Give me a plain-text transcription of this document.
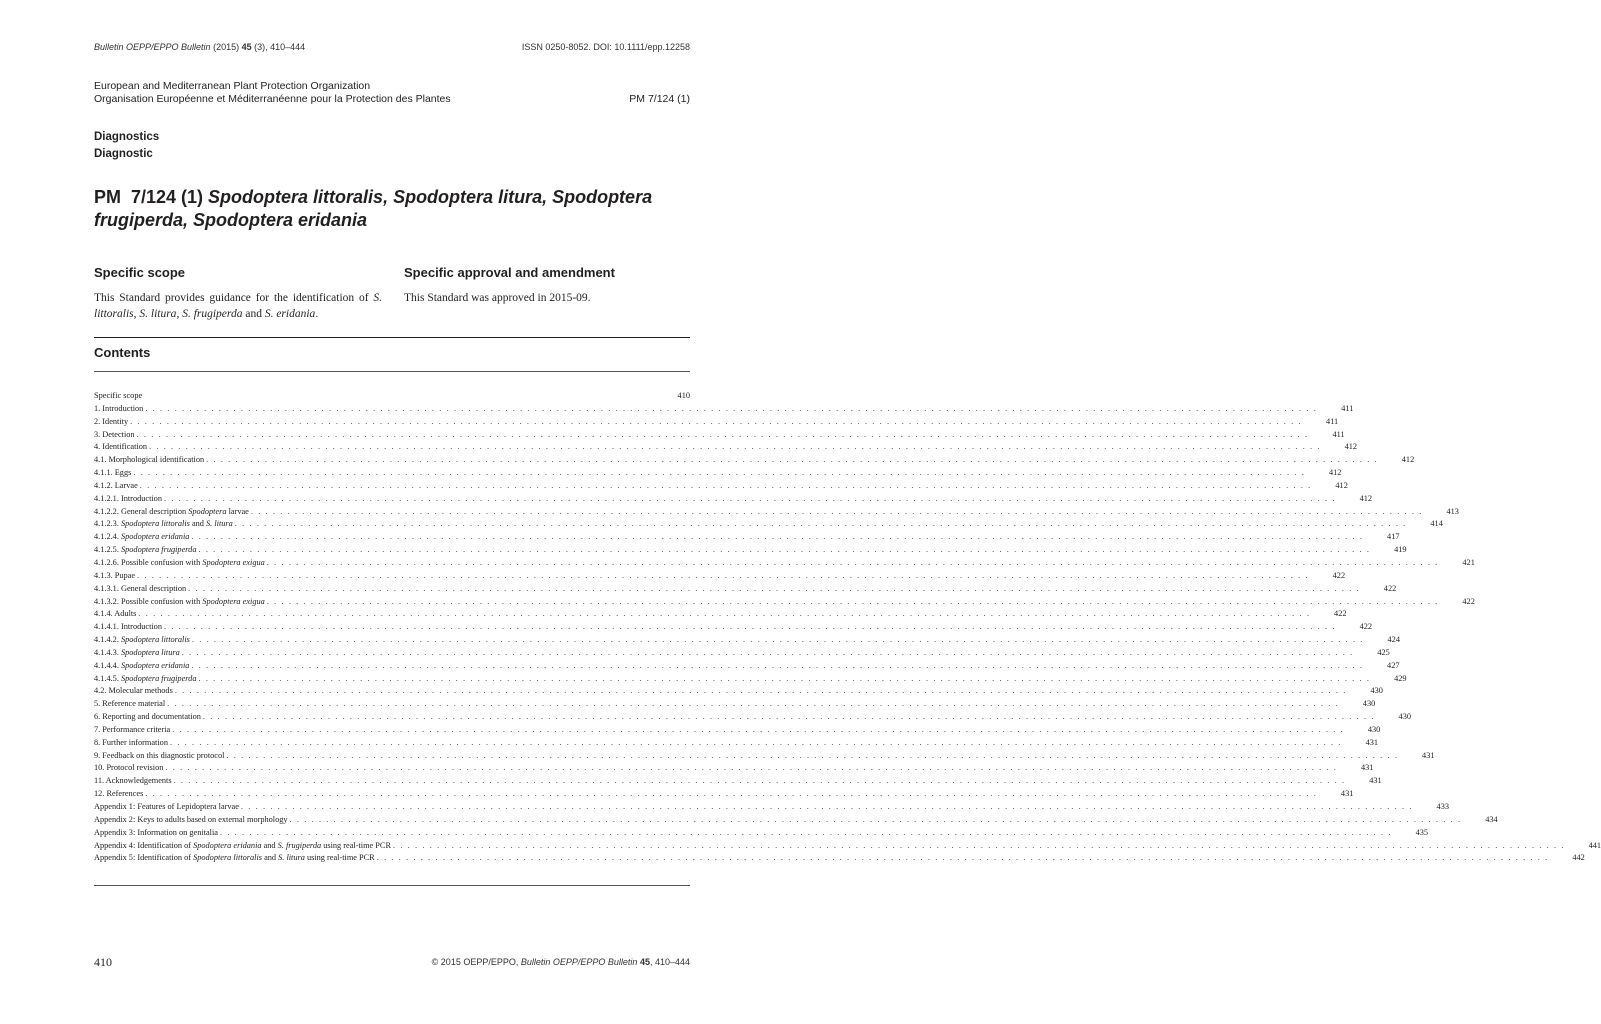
Bulletin OEPP/EPPO Bulletin (2015) 45 (3), 410–444	ISSN 0250-8052. DOI: 10.1111/epp.12258
European and Mediterranean Plant Protection Organization
Organisation Européenne et Méditerranéenne pour la Protection des Plantes	PM 7/124 (1)
Diagnostics
Diagnostic
PM  7/124 (1) Spodoptera littoralis, Spodoptera litura, Spodoptera frugiperda, Spodoptera eridania
Specific scope	Specific approval and amendment
This Standard provides guidance for the identification of S. littoralis, S. litura, S. frugiperda and S. eridania.
This Standard was approved in 2015-09.
Contents
Specific scope	410
1. Introduction . . . . . . . . . . . . . . . . . . . . . . . . . . . . . . . . . . . . . . . . . . . . . . . . . . . . . . . . . . . . . . . . . . . . . . . . . . . . . . . . . . . . . . . . . . . . . . . . . . . . . . . . . . . . . . . . . . . . . . . . . . . . . . . . . . . . . . . . . . . . . . . . . . . . . . . . . . . . . . . .	411
2. Identity . . . . . . . . . . . . . . . . . . . . . . . . . . . . . . . . . . . . . . . . . . . . . . . . . . . . . . . . . . . . . . . . . . . . . . . . . . . . . . . . . . . . . . . . . . . . . . . . . . . . . . . . . . . . . . . . . . . . . . . . . . . . . . . . . . . . . . . . . . . . . . . . . . . . . . . . . . . . . . . .	411
3. Detection . . . . . . . . . . . . . . . . . . . . . . . . . . . . . . . . . . . . . . . . . . . . . . . . . . . . . . . . . . . . . . . . . . . . . . . . . . . . . . . . . . . . . . . . . . . . . . . . . . . . . . . . . . . . . . . . . . . . . . . . . . . . . . . . . . . . . . . . . . . . . . . . . . . . . . . . . . . . . . . .	411
4. Identification . . . . . . . . . . . . . . . . . . . . . . . . . . . . . . . . . . . . . . . . . . . . . . . . . . . . . . . . . . . . . . . . . . . . . . . . . . . . . . . . . . . . . . . . . . . . . . . . . . . . . . . . . . . . . . . . . . . . . . . . . . . . . . . . . . . . . . . . . . . . . . . . . . . . . . . . . . . . . . . .	412
4.1. Morphological identification . . . . . . . . . . . . . . . . . . . . . . . . . . . . . . . . . . . . . . . . . . . . . . . . . . . . . . . . . . . . . . . . . . . . . . . . . . . . . . . . . . . . . . . . . . . . . . . . . . . . . . . . . . . . . . . . . . . . . . . . . . . . . . . . . . . . . . . . . . . . . . . . . . . . . . . . . . . . . . . .	412
4.1.1. Eggs . . . . . . . . . . . . . . . . . . . . . . . . . . . . . . . . . . . . . . . . . . . . . . . . . . . . . . . . . . . . . . . . . . . . . . . . . . . . . . . . . . . . . . . . . . . . . . . . . . . . . . . . . . . . . . . . . . . . . . . . . . . . . . . . . . . . . . . . . . . . . . . . . . . . . . . . . . . . . . . .	412
4.1.2. Larvae . . . . . . . . . . . . . . . . . . . . . . . . . . . . . . . . . . . . . . . . . . . . . . . . . . . . . . . . . . . . . . . . . . . . . . . . . . . . . . . . . . . . . . . . . . . . . . . . . . . . . . . . . . . . . . . . . . . . . . . . . . . . . . . . . . . . . . . . . . . . . . . . . . . . . . . . . . . . . . . .	412
4.1.2.1. Introduction . . . . . . . . . . . . . . . . . . . . . . . . . . . . . . . . . . . . . . . . . . . . . . . . . . . . . . . . . . . . . . . . . . . . . . . . . . . . . . . . . . . . . . . . . . . . . . . . . . . . . . . . . . . . . . . . . . . . . . . . . . . . . . . . . . . . . . . . . . . . . . . . . . . . . . . . . . . . . . . .	412
4.1.2.2. General description Spodoptera larvae . . . . . . . . . . . . . . . . . . . . . . . . . . . . . . . . . . . . . . . . . . . . . . . . . . . . . . . . . . . . . . . . . . . . . . . . . . . . . . . . . . . . . . . . . . . . . . . . . . . . . . . . . . . . . . . . . . . . . . . . . . . . . . . . . . . . . . . . . . . . . . . . . . . . . . . . . . . . . . . .	413
4.1.2.3. Spodoptera littoralis and S. litura . . . . . . . . . . . . . . . . . . . . . . . . . . . . . . . . . . . . . . . . . . . . . . . . . . . . . . . . . . . . . . . . . . . . . . . . . . . . . . . . . . . . . . . . . . . . . . . . . . . . . . . . . . . . . . . . . . . . . . . . . . . . . . . . . . . . . . . . . . . . . . . . . . . . . . . . . . . . . . . .	414
4.1.2.4. Spodoptera eridania . . . . . . . . . . . . . . . . . . . . . . . . . . . . . . . . . . . . . . . . . . . . . . . . . . . . . . . . . . . . . . . . . . . . . . . . . . . . . . . . . . . . . . . . . . . . . . . . . . . . . . . . . . . . . . . . . . . . . . . . . . . . . . . . . . . . . . . . . . . . . . . . . . . . . . . . . . . . . . . .	417
4.1.2.5. Spodoptera frugiperda . . . . . . . . . . . . . . . . . . . . . . . . . . . . . . . . . . . . . . . . . . . . . . . . . . . . . . . . . . . . . . . . . . . . . . . . . . . . . . . . . . . . . . . . . . . . . . . . . . . . . . . . . . . . . . . . . . . . . . . . . . . . . . . . . . . . . . . . . . . . . . . . . . . . . . . . . . . . . . . .	419
4.1.2.6. Possible confusion with Spodoptera exigua . . . . . . . . . . . . . . . . . . . . . . . . . . . . . . . . . . . . . . . . . . . . . . . . . . . . . . . . . . . . . . . . . . . . . . . . . . . . . . . . . . . . . . . . . . . . . . . . . . . . . . . . . . . . . . . . . . . . . . . . . . . . . . . . . . . . . . . . . . . . . . . . . . . . . . . . . . . . . . . .	421
4.1.3. Pupae . . . . . . . . . . . . . . . . . . . . . . . . . . . . . . . . . . . . . . . . . . . . . . . . . . . . . . . . . . . . . . . . . . . . . . . . . . . . . . . . . . . . . . . . . . . . . . . . . . . . . . . . . . . . . . . . . . . . . . . . . . . . . . . . . . . . . . . . . . . . . . . . . . . . . . . . . . . . . . . .	422
4.1.3.1. General description . . . . . . . . . . . . . . . . . . . . . . . . . . . . . . . . . . . . . . . . . . . . . . . . . . . . . . . . . . . . . . . . . . . . . . . . . . . . . . . . . . . . . . . . . . . . . . . . . . . . . . . . . . . . . . . . . . . . . . . . . . . . . . . . . . . . . . . . . . . . . . . . . . . . . . . . . . . . . . . .	422
4.1.3.2. Possible confusion with Spodoptera exigua . . . . . . . . . . . . . . . . . . . . . . . . . . . . . . . . . . . . . . . . . . . . . . . . . . . . . . . . . . . . . . . . . . . . . . . . . . . . . . . . . . . . . . . . . . . . . . . . . . . . . . . . . . . . . . . . . . . . . . . . . . . . . . . . . . . . . . . . . . . . . . . . . . . . . . . . . . . . . . . .	422
4.1.4. Adults . . . . . . . . . . . . . . . . . . . . . . . . . . . . . . . . . . . . . . . . . . . . . . . . . . . . . . . . . . . . . . . . . . . . . . . . . . . . . . . . . . . . . . . . . . . . . . . . . . . . . . . . . . . . . . . . . . . . . . . . . . . . . . . . . . . . . . . . . . . . . . . . . . . . . . . . . . . . . . . .	422
4.1.4.1. Introduction . . . . . . . . . . . . . . . . . . . . . . . . . . . . . . . . . . . . . . . . . . . . . . . . . . . . . . . . . . . . . . . . . . . . . . . . . . . . . . . . . . . . . . . . . . . . . . . . . . . . . . . . . . . . . . . . . . . . . . . . . . . . . . . . . . . . . . . . . . . . . . . . . . . . . . . . . . . . . . . .	422
4.1.4.2. Spodoptera littoralis . . . . . . . . . . . . . . . . . . . . . . . . . . . . . . . . . . . . . . . . . . . . . . . . . . . . . . . . . . . . . . . . . . . . . . . . . . . . . . . . . . . . . . . . . . . . . . . . . . . . . . . . . . . . . . . . . . . . . . . . . . . . . . . . . . . . . . . . . . . . . . . . . . . . . . . . . . . . . . . .	424
4.1.4.3. Spodoptera litura . . . . . . . . . . . . . . . . . . . . . . . . . . . . . . . . . . . . . . . . . . . . . . . . . . . . . . . . . . . . . . . . . . . . . . . . . . . . . . . . . . . . . . . . . . . . . . . . . . . . . . . . . . . . . . . . . . . . . . . . . . . . . . . . . . . . . . . . . . . . . . . . . . . . . . . . . . . . . . . .	425
4.1.4.4. Spodoptera eridania . . . . . . . . . . . . . . . . . . . . . . . . . . . . . . . . . . . . . . . . . . . . . . . . . . . . . . . . . . . . . . . . . . . . . . . . . . . . . . . . . . . . . . . . . . . . . . . . . . . . . . . . . . . . . . . . . . . . . . . . . . . . . . . . . . . . . . . . . . . . . . . . . . . . . . . . . . . . . . . .	427
4.1.4.5. Spodoptera frugiperda . . . . . . . . . . . . . . . . . . . . . . . . . . . . . . . . . . . . . . . . . . . . . . . . . . . . . . . . . . . . . . . . . . . . . . . . . . . . . . . . . . . . . . . . . . . . . . . . . . . . . . . . . . . . . . . . . . . . . . . . . . . . . . . . . . . . . . . . . . . . . . . . . . . . . . . . . . . . . . . .	429
4.2. Molecular methods . . . . . . . . . . . . . . . . . . . . . . . . . . . . . . . . . . . . . . . . . . . . . . . . . . . . . . . . . . . . . . . . . . . . . . . . . . . . . . . . . . . . . . . . . . . . . . . . . . . . . . . . . . . . . . . . . . . . . . . . . . . . . . . . . . . . . . . . . . . . . . . . . . . . . . . . . . . . . . . .	430
5. Reference material . . . . . . . . . . . . . . . . . . . . . . . . . . . . . . . . . . . . . . . . . . . . . . . . . . . . . . . . . . . . . . . . . . . . . . . . . . . . . . . . . . . . . . . . . . . . . . . . . . . . . . . . . . . . . . . . . . . . . . . . . . . . . . . . . . . . . . . . . . . . . . . . . . . . . . . . . . . . . . . .	430
6. Reporting and documentation . . . . . . . . . . . . . . . . . . . . . . . . . . . . . . . . . . . . . . . . . . . . . . . . . . . . . . . . . . . . . . . . . . . . . . . . . . . . . . . . . . . . . . . . . . . . . . . . . . . . . . . . . . . . . . . . . . . . . . . . . . . . . . . . . . . . . . . . . . . . . . . . . . . . . . . . . . . . . . . .	430
7. Performance criteria . . . . . . . . . . . . . . . . . . . . . . . . . . . . . . . . . . . . . . . . . . . . . . . . . . . . . . . . . . . . . . . . . . . . . . . . . . . . . . . . . . . . . . . . . . . . . . . . . . . . . . . . . . . . . . . . . . . . . . . . . . . . . . . . . . . . . . . . . . . . . . . . . . . . . . . . . . . . . . . .	430
8. Further information . . . . . . . . . . . . . . . . . . . . . . . . . . . . . . . . . . . . . . . . . . . . . . . . . . . . . . . . . . . . . . . . . . . . . . . . . . . . . . . . . . . . . . . . . . . . . . . . . . . . . . . . . . . . . . . . . . . . . . . . . . . . . . . . . . . . . . . . . . . . . . . . . . . . . . . . . . . . . . . .	431
9. Feedback on this diagnostic protocol . . . . . . . . . . . . . . . . . . . . . . . . . . . . . . . . . . . . . . . . . . . . . . . . . . . . . . . . . . . . . . . . . . . . . . . . . . . . . . . . . . . . . . . . . . . . . . . . . . . . . . . . . . . . . . . . . . . . . . . . . . . . . . . . . . . . . . . . . . . . . . . . . . . . . . . . . . . . . . . .	431
10. Protocol revision . . . . . . . . . . . . . . . . . . . . . . . . . . . . . . . . . . . . . . . . . . . . . . . . . . . . . . . . . . . . . . . . . . . . . . . . . . . . . . . . . . . . . . . . . . . . . . . . . . . . . . . . . . . . . . . . . . . . . . . . . . . . . . . . . . . . . . . . . . . . . . . . . . . . . . . . . . . . . . . .	431
11. Acknowledgements . . . . . . . . . . . . . . . . . . . . . . . . . . . . . . . . . . . . . . . . . . . . . . . . . . . . . . . . . . . . . . . . . . . . . . . . . . . . . . . . . . . . . . . . . . . . . . . . . . . . . . . . . . . . . . . . . . . . . . . . . . . . . . . . . . . . . . . . . . . . . . . . . . . . . . . . . . . . . . . .	431
12. References . . . . . . . . . . . . . . . . . . . . . . . . . . . . . . . . . . . . . . . . . . . . . . . . . . . . . . . . . . . . . . . . . . . . . . . . . . . . . . . . . . . . . . . . . . . . . . . . . . . . . . . . . . . . . . . . . . . . . . . . . . . . . . . . . . . . . . . . . . . . . . . . . . . . . . . . . . . . . . . .	431
Appendix 1: Features of Lepidoptera larvae . . . . . . . . . . . . . . . . . . . . . . . . . . . . . . . . . . . . . . . . . . . . . . . . . . . . . . . . . . . . . . . . . . . . . . . . . . . . . . . . . . . . . . . . . . . . . . . . . . . . . . . . . . . . . . . . . . . . . . . . . . . . . . . . . . . . . . . . . . . . . . . . . . . . . . . . . . . . . . . .	433
Appendix 2: Keys to adults based on external morphology . . . . . . . . . . . . . . . . . . . . . . . . . . . . . . . . . . . . . . . . . . . . . . . . . . . . . . . . . . . . . . . . . . . . . . . . . . . . . . . . . . . . . . . . . . . . . . . . . . . . . . . . . . . . . . . . . . . . . . . . . . . . . . . . . . . . . . . . . . . . . . . . . . . . . . . . . . . . . . . .	434
Appendix 3: Information on genitalia . . . . . . . . . . . . . . . . . . . . . . . . . . . . . . . . . . . . . . . . . . . . . . . . . . . . . . . . . . . . . . . . . . . . . . . . . . . . . . . . . . . . . . . . . . . . . . . . . . . . . . . . . . . . . . . . . . . . . . . . . . . . . . . . . . . . . . . . . . . . . . . . . . . . . . . . . . . . . . . .	435
Appendix 4: Identification of Spodoptera eridania and S. frugiperda using real-time PCR . . . . . . . . . . . . . . . . . . . . . . . . . . . . . . . . . . . . . . . . . . . . . . . . . . . . . . . . . . . . . . . . . . . . . . . . . . . . . . . . . . . . . . . . . . . . . . . . . . . . . . . . . . . . . . . . . . . . . . . . . . . . . . . . . . . . . . . . . . . . . . . . . . . . . . . . . . . . . . . .	441
Appendix 5: Identification of Spodoptera littoralis and S. litura using real-time PCR . . . . . . . . . . . . . . . . . . . . . . . . . . . . . . . . . . . . . . . . . . . . . . . . . . . . . . . . . . . . . . . . . . . . . . . . . . . . . . . . . . . . . . . . . . . . . . . . . . . . . . . . . . . . . . . . . . . . . . . . . . . . . . . . . . . . . . . . . . . . . . . . . . . . . . . . . . . . . . . .	442
410	© 2015 OEPP/EPPO, Bulletin OEPP/EPPO Bulletin 45, 410–444
